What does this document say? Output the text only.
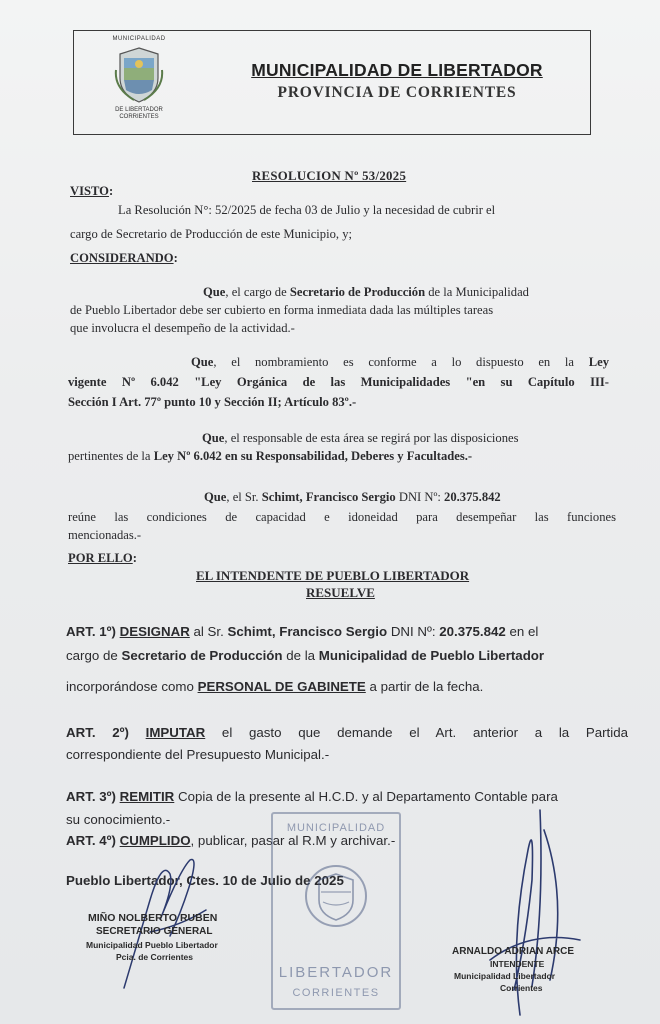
MUNICIPALIDAD
DE LIBERTADOR
CORRIENTES
MUNICIPALIDAD DE LIBERTADOR
PROVINCIA DE CORRIENTES
RESOLUCION Nº 53/2025
VISTO:
La Resolución N°: 52/2025 de fecha 03 de Julio y la necesidad de cubrir el
cargo de Secretario de Producción de este Municipio, y;
CONSIDERANDO:
Que, el cargo de Secretario de Producción de la Municipalidad
de Pueblo Libertador debe ser cubierto en forma inmediata dada las múltiples tareas
que involucra el desempeño de la actividad.-
Que, el nombramiento es conforme a lo dispuesto en la Ley
vigente Nº 6.042 "Ley Orgánica de las Municipalidades "en su Capítulo III-
Sección I Art. 77º punto 10 y Sección II; Artículo 83º.-
Que, el responsable de esta área se regirá por las disposiciones
pertinentes de la Ley Nº 6.042 en su Responsabilidad, Deberes y Facultades.-
Que, el Sr. Schimt, Francisco Sergio DNI Nº: 20.375.842
reúne las condiciones de capacidad e idoneidad para desempeñar las funciones
mencionadas.-
POR ELLO:
EL INTENDENTE DE PUEBLO LIBERTADOR
RESUELVE
ART. 1º) DESIGNAR al Sr. Schimt, Francisco Sergio DNI Nº: 20.375.842 en el
cargo de Secretario de Producción de la Municipalidad de Pueblo Libertador
incorporándose como PERSONAL DE GABINETE a partir de la fecha.
ART. 2º) IMPUTAR el gasto que demande el Art. anterior a la Partida
correspondiente del Presupuesto Municipal.-
ART. 3º) REMITIR Copia de la presente al H.C.D. y al Departamento Contable para
su conocimiento.-
ART. 4º) CUMPLIDO, publicar, pasar al R.M y archivar.-
Pueblo Libertador, Ctes. 10 de Julio de 2025
MUNICIPALIDAD
LIBERTADOR
CORRIENTES
MIÑO NOLBERTO RUBEN
SECRETARIO GENERAL
Municipalidad Pueblo Libertador
Pcia. de Corrientes	ARNALDO ADRIAN ARCE
INTENDENTE
Municipalidad Libertador
Corrientes
